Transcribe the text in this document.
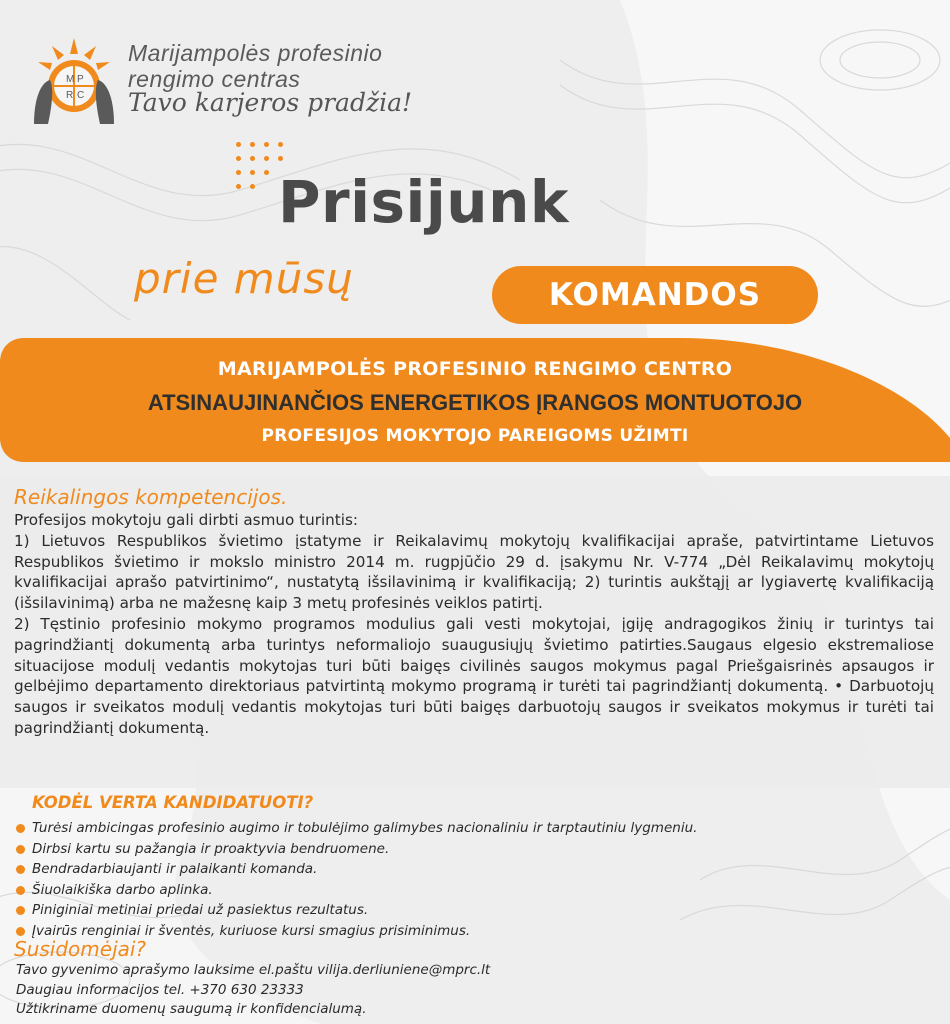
M P
R C
Marijampolės profesinio
rengimo centras
Tavo karjeros pradžia!
Prisijunk
prie mūsų	KOMANDOS
MARIJAMPOLĖS PROFESINIO RENGIMO CENTRO
ATSINAUJINANČIOS ENERGETIKOS ĮRANGOS MONTUOTOJO
PROFESIJOS MOKYTOJO PAREIGOMS UŽIMTI
Reikalingos kompetencijos.

Profesijos mokytoju gali dirbti asmuo turintis:

1) Lietuvos Respublikos švietimo įstatyme ir Reikalavimų mokytojų kvalifikacijai apraše, patvirtintame Lietuvos Respublikos švietimo ir mokslo ministro 2014 m. rugpjūčio 29 d. įsakymu Nr. V-774 „Dėl Reikalavimų mokytojų kvalifikacijai aprašo patvirtinimo“, nustatytą išsilavinimą ir kvalifikaciją; 2) turintis aukštąjį ar lygiavertę kvalifikaciją (išsilavinimą) arba ne mažesnę kaip 3 metų profesinės veiklos patirtį.

2) Tęstinio profesinio mokymo programos modulius gali vesti mokytojai, įgiję andragogikos žinių ir turintys tai pagrindžiantį dokumentą arba turintys neformaliojo suaugusiųjų švietimo patirties.Saugaus elgesio ekstremaliose situacijose modulį vedantis mokytojas turi būti baigęs civilinės saugos mokymus pagal Priešgaisrinės apsaugos ir gelbėjimo departamento direktoriaus patvirtintą mokymo programą ir turėti tai pagrindžiantį dokumentą. • Darbuotojų saugos ir sveikatos modulį vedantis mokytojas turi būti baigęs darbuotojų saugos ir sveikatos mokymus ir turėti tai pagrindžiantį dokumentą.

KODĖL VERTA KANDIDATUOTI?
Turėsi ambicingas profesinio augimo ir tobulėjimo galimybes nacionaliniu ir tarptautiniu lygmeniu.
Dirbsi kartu su pažangia ir proaktyvia bendruomene.
Bendradarbiaujanti ir palaikanti komanda.
Šiuolaikiška darbo aplinka.
Piniginiai metiniai priedai už pasiektus rezultatus.
Įvairūs renginiai ir šventės, kuriuose kursi smagius prisiminimus.
Susidomėjai?
Tavo gyvenimo aprašymo lauksime el.paštu vilija.derliuniene@mprc.lt
Daugiau informacijos tel. +370 630 23333
Užtikriname duomenų saugumą ir konfidencialumą.
